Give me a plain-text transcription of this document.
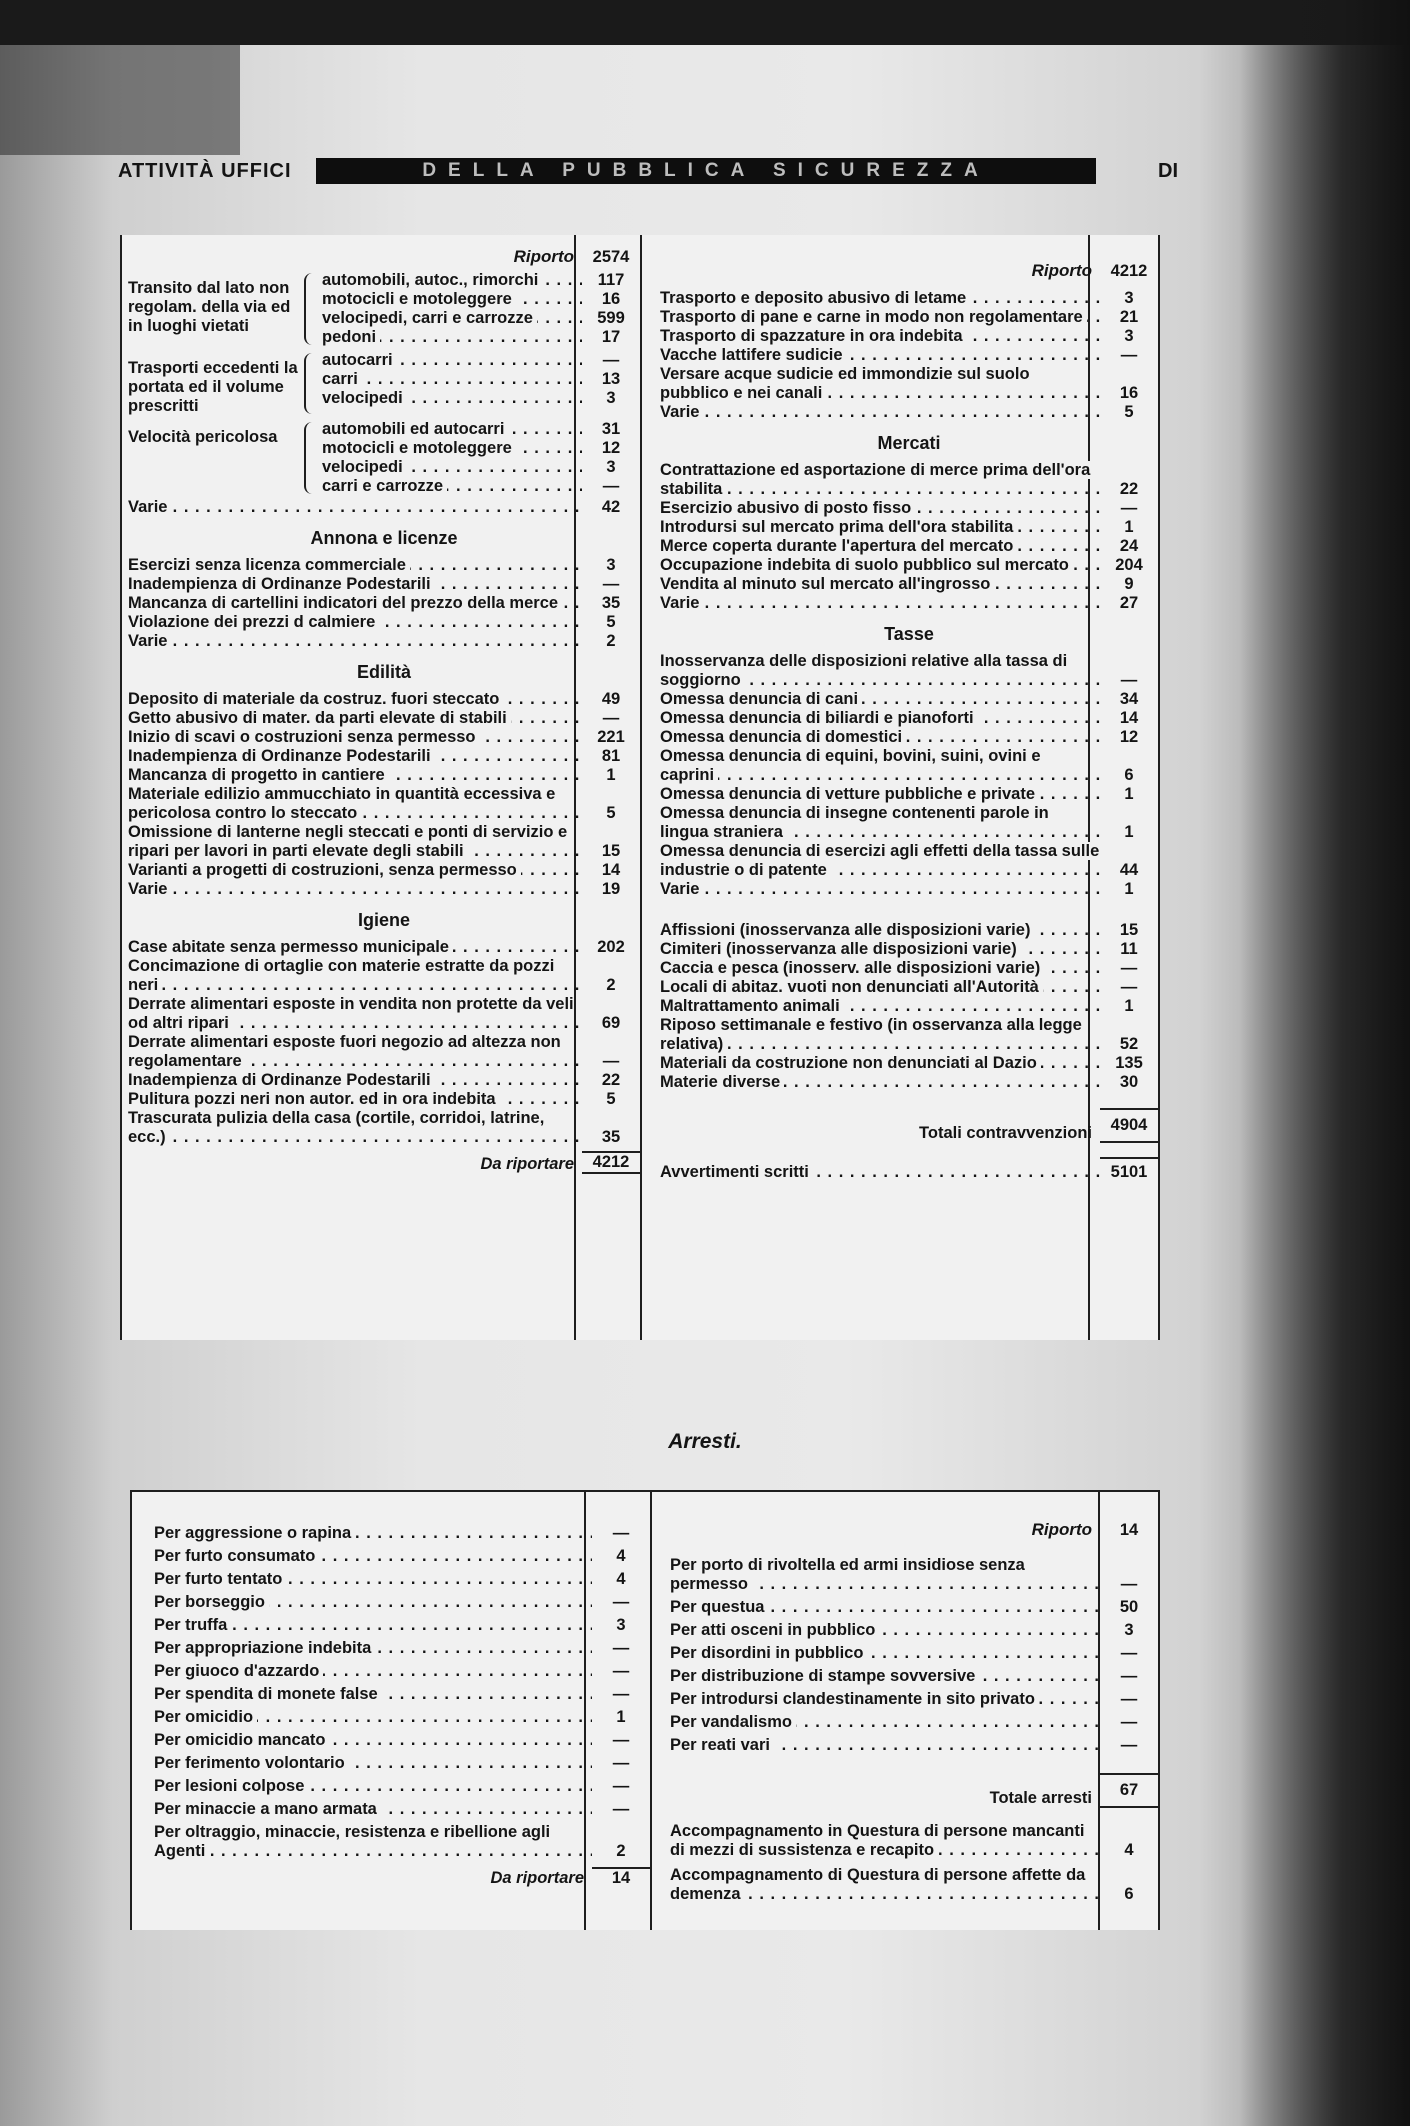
ATTIVITÀ UFFICI	DELLA PUBBLICA SICUREZZA	DI
Riporto	2574
Transito dal lato non regolam. della via ed in luoghi vietati
automobili, autoc., rimorchi . . .	117
motocicli e motoleggere . . .	16
velocipedi, carri e carrozze . . .	599
pedoni . . .	17
Trasporti eccedenti la portata ed il volume prescritti
autocarri . . .	—
carri . . .	13
velocipedi . . .	3
Velocità pericolosa	automobili ed autocarri . . .	31
motocicli e motoleggere . . .	12
velocipedi . . .	3
carri e carrozze . . .	—
Varie . . .	42
Annona e licenze
Esercizi senza licenza commerciale . . .	3
Inadempienza di Ordinanze Podestarili . . .	—
Mancanza di cartellini indicatori del prezzo della merce . . .	35
Violazione dei prezzi d calmiere . . .	5
Varie . . .	2
Edilità
Deposito di materiale da costruz. fuori steccato . . .	49
Getto abusivo di mater. da parti elevate di stabili . . .	—
Inizio di scavi o costruzioni senza permesso . . .	221
Inadempienza di Ordinanze Podestarili . . .	81
Mancanza di progetto in cantiere . . .	1
Materiale edilizio ammucchiato in quantità eccessiva e pericolosa contro lo steccato . . .	5
Omissione di lanterne negli steccati e ponti di servizio e ripari per lavori in parti elevate degli stabili . . .	15
Varianti a progetti di costruzioni, senza permesso . . .	14
Varie . . .	19
Igiene
Case abitate senza permesso municipale . . .	202
Concimazione di ortaglie con materie estratte da pozzi neri . . .	2
Derrate alimentari esposte in vendita non protette da veli od altri ripari . . .	69
Derrate alimentari esposte fuori negozio ad altezza non regolamentare . . .	—
Inadempienza di Ordinanze Podestarili . . .	22
Pulitura pozzi neri non autor. ed in ora indebita . . .	5
Trascurata pulizia della casa (cortile, corridoi, latrine, ecc.) . . .	35
Da riportare	4212
Riporto	4212
Trasporto e deposito abusivo di letame . . .	3
Trasporto di pane e carne in modo non regolamentare . . .	21
Trasporto di spazzature in ora indebita . . .	3
Vacche lattifere sudicie . . .	—
Versare acque sudicie ed immondizie sul suolo pubblico e nei canali . . .	16
Varie . . .	5
Mercati
Contrattazione ed asportazione di merce prima dell'ora stabilita . . .	22
Esercizio abusivo di posto fisso . . .	—
Introdursi sul mercato prima dell'ora stabilita . . .	1
Merce coperta durante l'apertura del mercato . . .	24
Occupazione indebita di suolo pubblico sul mercato . . .	204
Vendita al minuto sul mercato all'ingrosso . . .	9
Varie . . .	27
Tasse
Inosservanza delle disposizioni relative alla tassa di soggiorno . . .	—
Omessa denuncia di cani . . .	34
Omessa denuncia di biliardi e pianoforti . . .	14
Omessa denuncia di domestici . . .	12
Omessa denuncia di equini, bovini, suini, ovini e caprini . . .	6
Omessa denuncia di vetture pubbliche e private . . .	1
Omessa denuncia di insegne contenenti parole in lingua straniera . . .	1
Omessa denuncia di esercizi agli effetti della tassa sulle industrie o di patente . . .	44
Varie . . .	1
Affissioni (inosservanza alle disposizioni varie) . . .	15
Cimiteri (inosservanza alle disposizioni varie) . . .	11
Caccia e pesca (inosserv. alle disposizioni varie) . . .	—
Locali di abitaz. vuoti non denunciati all'Autorità . . .	—
Maltrattamento animali . . .	1
Riposo settimanale e festivo (in osservanza alla legge relativa) . . .	52
Materiali da costruzione non denunciati al Dazio . . .	135
Materie diverse . . .	30
Totali contravvenzioni	4904
Avvertimenti scritti . . .	5101
Arresti.
Per aggressione o rapina . . .	—
Per furto consumato . . .	4
Per furto tentato . . .	4
Per borseggio . . .	—
Per truffa . . .	3
Per appropriazione indebita . . .	—
Per giuoco d'azzardo . . .	—
Per spendita di monete false . . .	—
Per omicidio . . .	1
Per omicidio mancato . . .	—
Per ferimento volontario . . .	—
Per lesioni colpose . . .	—
Per minaccie a mano armata . . .	—
Per oltraggio, minaccie, resistenza e ribellione agli Agenti . . .	2
Da riportare	14
Riporto	14
Per porto di rivoltella ed armi insidiose senza permesso . . .	—
Per questua . . .	50
Per atti osceni in pubblico . . .	3
Per disordini in pubblico . . .	—
Per distribuzione di stampe sovversive . . .	—
Per introdursi clandestinamente in sito privato . . .	—
Per vandalismo . . .	—
Per reati vari . . .	—
Totale arresti	67
Accompagnamento in Questura di persone mancanti di mezzi di sussistenza e recapito . . .	4
Accompagnamento di Questura di persone affette da demenza . . .	6
